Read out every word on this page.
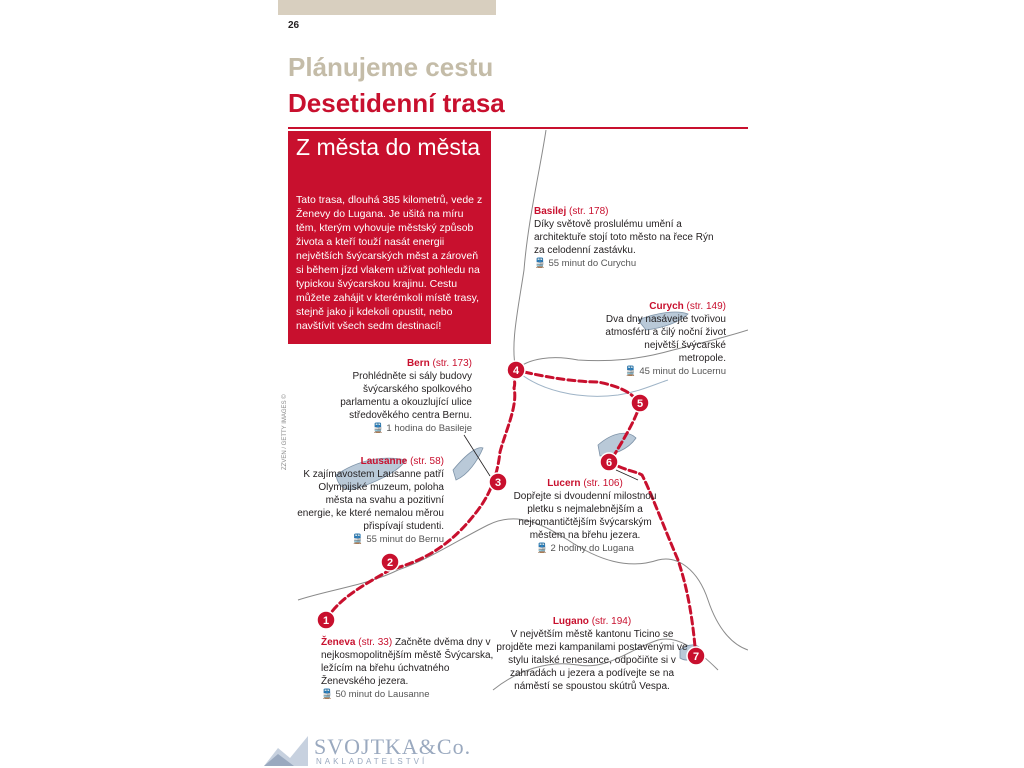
26
Plánujeme cestu
Desetidenní trasa
1
2
3
4
5
6
7
Z města do města

Tato trasa, dlouhá 385 kilometrů, vede z Ženevy do Lugana. Je ušitá na míru těm, kterým vyhovuje městský způsob života a kteří touží nasát energii největších švýcarských měst a zároveň si během jízd vlakem užívat pohledu na typickou švýcarskou krajinu. Cestu můžete zahájit v kterémkoli místě trasy, stejně jako ji kdekoli opustit, nebo navštívit všech sedm destinací!

ZZVEN / GETTY IMAGES ©
Basilej (str. 178)
Díky světově proslulému umění a architektuře stojí toto město na řece Rýn za celodenní zastávku.
🚆 55 minut do Curychu
Curych (str. 149)
Dva dny nasávejte tvořivou atmosféru a čilý noční život největší švýcarské metropole.
🚆 45 minut do Lucernu
Bern (str. 173)
Prohlédněte si sály budovy švýcarského spolkového parlamentu a okouzlující ulice středověkého centra Bernu.
🚆 1 hodina do Basileje
Lausanne (str. 58)
K zajímavostem Lausanne patří Olympijské muzeum, poloha města na svahu a pozitivní energie, ke které nemalou měrou přispívají studenti.
🚆 55 minut do Bernu
Lucern (str. 106)
Dopřejte si dvoudenní milostnou pletku s nejmalebnějším a nejromantičtějším švýcarským městem na břehu jezera.
🚆 2 hodiny do Lugana
Lugano (str. 194)
V největším městě kantonu Ticino se projděte mezi kampanilami postavenými ve stylu italské renesance, odpočiňte si v zahradách u jezera a podívejte se na náměstí se spoustou skútrů Vespa.
Ženeva (str. 33) Začněte dvěma dny v nejkosmopolitnějším městě Švýcarska, ležícím na břehu úchvatného Ženevského jezera.
🚆 50 minut do Lausanne
SVOJTKA&Co.
NAKLADATELSTVÍ
